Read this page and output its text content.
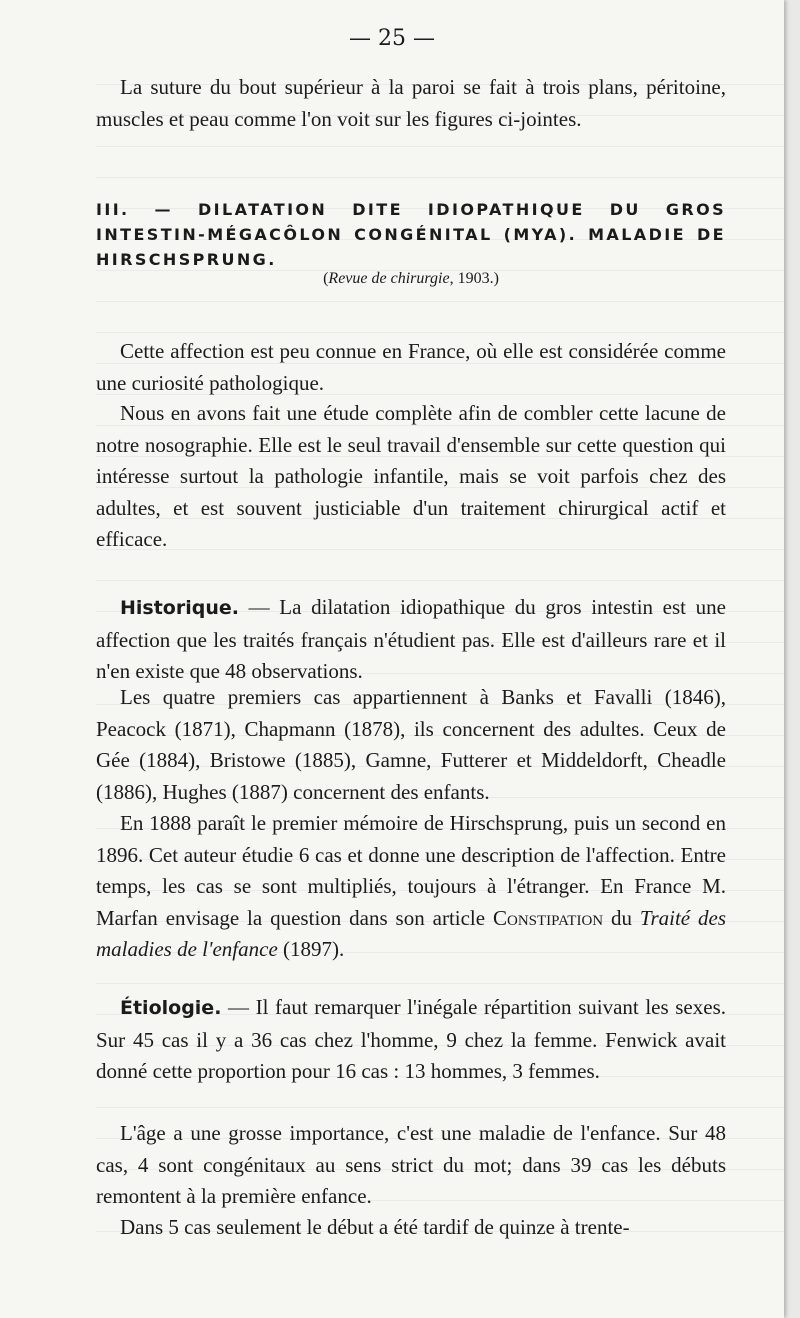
— 25 —

La suture du bout supérieur à la paroi se fait à trois plans, péritoine, muscles et peau comme l'on voit sur les figures ci-jointes.

III. — DILATATION DITE IDIOPATHIQUE DU GROS INTESTIN-MÉGACÔLON CONGÉNITAL (MYA). MALADIE DE HIRSCHSPRUNG.
(Revue de chirurgie, 1903.)

Cette affection est peu connue en France, où elle est considérée comme une curiosité pathologique.

Nous en avons fait une étude complète afin de combler cette lacune de notre nosographie. Elle est le seul travail d'ensemble sur cette question qui intéresse surtout la pathologie infantile, mais se voit parfois chez des adultes, et est souvent justiciable d'un traitement chirurgical actif et efficace.

Historique. — La dilatation idiopathique du gros intestin est une affection que les traités français n'étudient pas. Elle est d'ailleurs rare et il n'en existe que 48 observations.

Les quatre premiers cas appartiennent à Banks et Favalli (1846), Peacock (1871), Chapmann (1878), ils concernent des adultes. Ceux de Gée (1884), Bristowe (1885), Gamne, Futterer et Middeldorft, Cheadle (1886), Hughes (1887) concernent des enfants.

En 1888 paraît le premier mémoire de Hirschsprung, puis un second en 1896. Cet auteur étudie 6 cas et donne une description de l'affection. Entre temps, les cas se sont multipliés, toujours à l'étranger. En France M. Marfan envisage la question dans son article Constipation du Traité des maladies de l'enfance (1897).

Étiologie. — Il faut remarquer l'inégale répartition suivant les sexes. Sur 45 cas il y a 36 cas chez l'homme, 9 chez la femme. Fenwick avait donné cette proportion pour 16 cas : 13 hommes, 3 femmes.

L'âge a une grosse importance, c'est une maladie de l'enfance. Sur 48 cas, 4 sont congénitaux au sens strict du mot; dans 39 cas les débuts remontent à la première enfance.

Dans 5 cas seulement le début a été tardif de quinze à trente-
